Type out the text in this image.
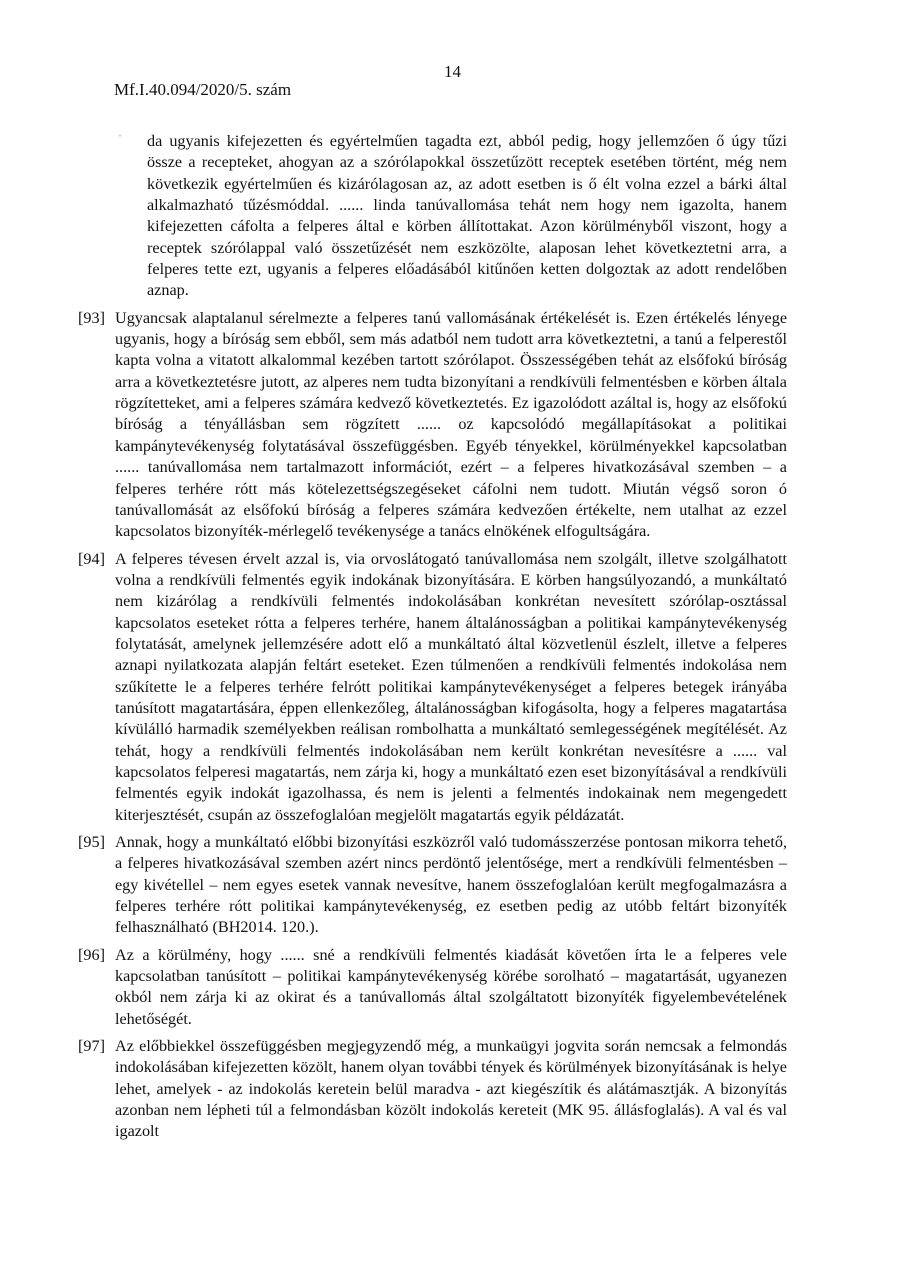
14
Mf.I.40.094/2020/5. szám
ˈ da ugyanis kifejezetten és egyértelműen tagadta ezt, abból pedig, hogy jellemzően ő úgy tűzi össze a recepteket, ahogyan az a szórólapokkal összetűzött receptek esetében történt, még nem következik egyértelműen és kizárólagosan az, az adott esetben is ő élt volna ezzel a bárki által alkalmazható tűzésmóddal. ...... linda tanúvallomása tehát nem hogy nem igazolta, hanem kifejezetten cáfolta a felperes által e körben állítottakat. Azon körülményből viszont, hogy a receptek szórólappal való összetűzését nem eszközölte, alaposan lehet következtetni arra, a felperes tette ezt, ugyanis a felperes előadásából kitűnően ketten dolgoztak az adott rendelőben aznap.
[93] Ugyancsak alaptalanul sérelmezte a felperes tanú vallomásának értékelését is. Ezen értékelés lényege ugyanis, hogy a bíróság sem ebből, sem más adatból nem tudott arra következtetni, a tanú a felperestől kapta volna a vitatott alkalommal kezében tartott szórólapot. Összességében tehát az elsőfokú bíróság arra a következtetésre jutott, az alperes nem tudta bizonyítani a rendkívüli felmentésben e körben általa rögzítetteket, ami a felperes számára kedvező következtetés. Ez igazolódott azáltal is, hogy az elsőfokú bíróság a tényállásban sem rögzített ...... oz kapcsolódó megállapításokat a politikai kampánytevékenység folytatásával összefüggésben. Egyéb tényekkel, körülményekkel kapcsolatban ...... tanúvallomása nem tartalmazott információt, ezért – a felperes hivatkozásával szemben – a felperes terhére rótt más kötelezettségszegéseket cáfolni nem tudott. Miután végső soron ó tanúvallomását az elsőfokú bíróság a felperes számára kedvezően értékelte, nem utalhat az ezzel kapcsolatos bizonyíték-mérlegelő tevékenysége a tanács elnökének elfogultságára.
[94] A felperes tévesen érvelt azzal is, via orvoslátogató tanúvallomása nem szolgált, illetve szolgálhatott volna a rendkívüli felmentés egyik indokának bizonyítására. E körben hangsúlyozandó, a munkáltató nem kizárólag a rendkívüli felmentés indokolásában konkrétan nevesített szórólap-osztással kapcsolatos eseteket rótta a felperes terhére, hanem általánosságban a politikai kampánytevékenység folytatását, amelynek jellemzésére adott elő a munkáltató által közvetlenül észlelt, illetve a felperes aznapi nyilatkozata alapján feltárt eseteket. Ezen túlmenően a rendkívüli felmentés indokolása nem szűkítette le a felperes terhére felrótt politikai kampánytevékenységet a felperes betegek irányába tanúsított magatartására, éppen ellenkezőleg, általánosságban kifogásolta, hogy a felperes magatartása kívülálló harmadik személyekben reálisan rombolhatta a munkáltató semlegességének megítélését. Az tehát, hogy a rendkívüli felmentés indokolásában nem került konkrétan nevesítésre a ...... val kapcsolatos felperesi magatartás, nem zárja ki, hogy a munkáltató ezen eset bizonyításával a rendkívüli felmentés egyik indokát igazolhassa, és nem is jelenti a felmentés indokainak nem megengedett kiterjesztését, csupán az összefoglalóan megjelölt magatartás egyik példázatát.
[95] Annak, hogy a munkáltató előbbi bizonyítási eszközről való tudomásszerzése pontosan mikorra tehető, a felperes hivatkozásával szemben azért nincs perdöntő jelentősége, mert a rendkívüli felmentésben – egy kivétellel – nem egyes esetek vannak nevesítve, hanem összefoglalóan került megfogalmazásra a felperes terhére rótt politikai kampánytevékenység, ez esetben pedig az utóbb feltárt bizonyíték felhasználható (BH2014. 120.).
[96] Az a körülmény, hogy ...... sné a rendkívüli felmentés kiadását követően írta le a felperes vele kapcsolatban tanúsított – politikai kampánytevékenység körébe sorolható – magatartását, ugyanezen okból nem zárja ki az okirat és a tanúvallomás által szolgáltatott bizonyíték figyelembevételének lehetőségét.
[97] Az előbbiekkel összefüggésben megjegyzendő még, a munkaügyi jogvita során nemcsak a felmondás indokolásában kifejezetten közölt, hanem olyan további tények és körülmények bizonyításának is helye lehet, amelyek - az indokolás keretein belül maradva - azt kiegészítik és alátámasztják. A bizonyítás azonban nem lépheti túl a felmondásban közölt indokolás kereteit (MK 95. állásfoglalás). A val és val igazolt
